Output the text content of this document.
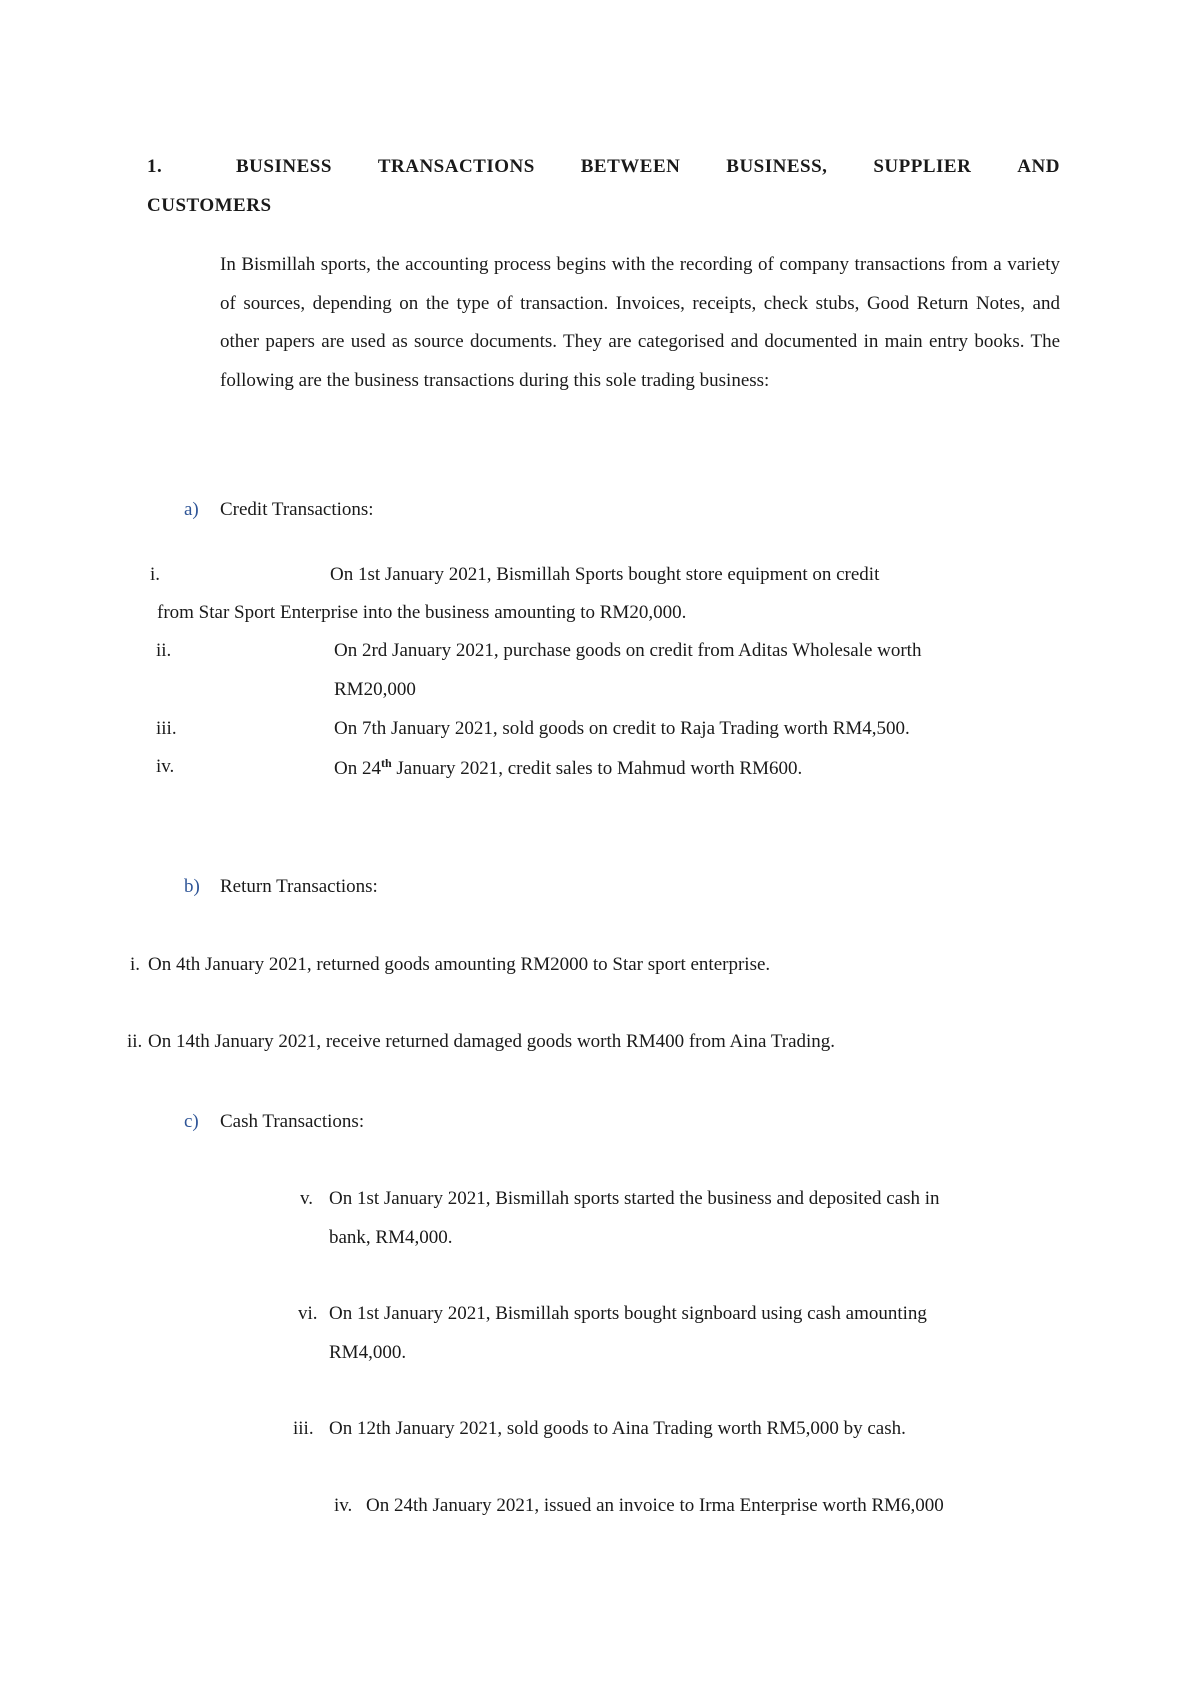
1.	BUSINESS TRANSACTIONS BETWEEN BUSINESS, SUPPLIER AND
CUSTOMERS
In Bismillah sports, the accounting process begins with the recording of company transactions from a variety of sources, depending on the type of transaction. Invoices, receipts, check stubs, Good Return Notes, and other papers are used as source documents. They are categorised and documented in main entry books. The following are the business transactions during this sole trading business:
a) Credit Transactions:
i.	On 1st January 2021, Bismillah Sports bought store equipment on credit
from Star Sport Enterprise into the business amounting to RM20,000.
ii.	On 2rd January 2021, purchase goods on credit from Aditas Wholesale worth
RM20,000
iii.	On 7th January 2021, sold goods on credit to Raja Trading worth RM4,500.
iv.	On 24th January 2021, credit sales to Mahmud worth RM600.
b) Return Transactions:
i. On 4th January 2021, returned goods amounting RM2000 to Star sport enterprise.
ii. On 14th January 2021, receive returned damaged goods worth RM400 from Aina Trading.
c) Cash Transactions:
v. On 1st January 2021, Bismillah sports started the business and deposited cash in
bank, RM4,000.
vi. On 1st January 2021, Bismillah sports bought signboard using cash amounting
RM4,000.
iii. On 12th January 2021, sold goods to Aina Trading worth RM5,000 by cash.
iv. On 24th January 2021, issued an invoice to Irma Enterprise worth RM6,000
